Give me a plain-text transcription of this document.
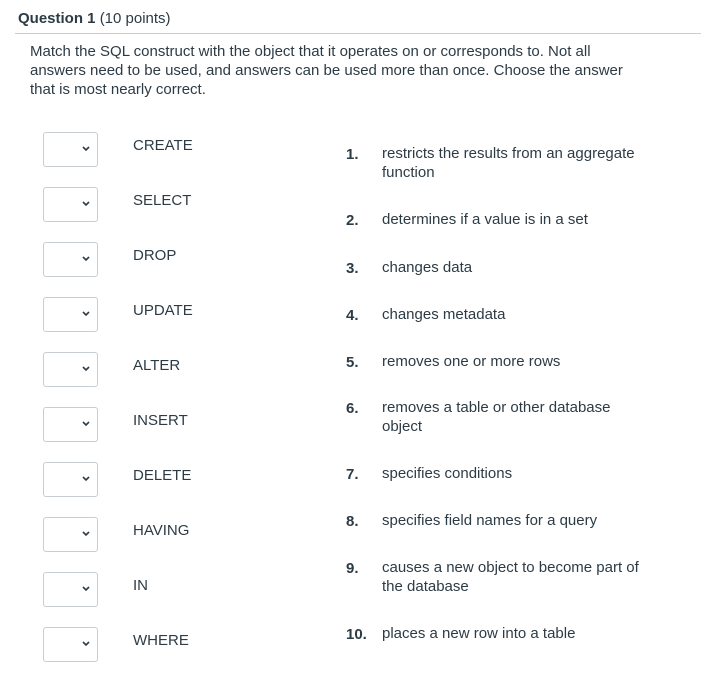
Question 1 (10 points)
Match the SQL construct with the object that it operates on or corresponds to. Not all answers need to be used, and answers can be used more than once. Choose the answer that is most nearly correct.
CREATE
SELECT
DROP
UPDATE
ALTER
INSERT
DELETE
HAVING
IN
WHERE
1. restricts the results from an aggregate function
2. determines if a value is in a set
3. changes data
4. changes metadata
5. removes one or more rows
6. removes a table or other database object
7. specifies conditions
8. specifies field names for a query
9. causes a new object to become part of the database
10. places a new row into a table
